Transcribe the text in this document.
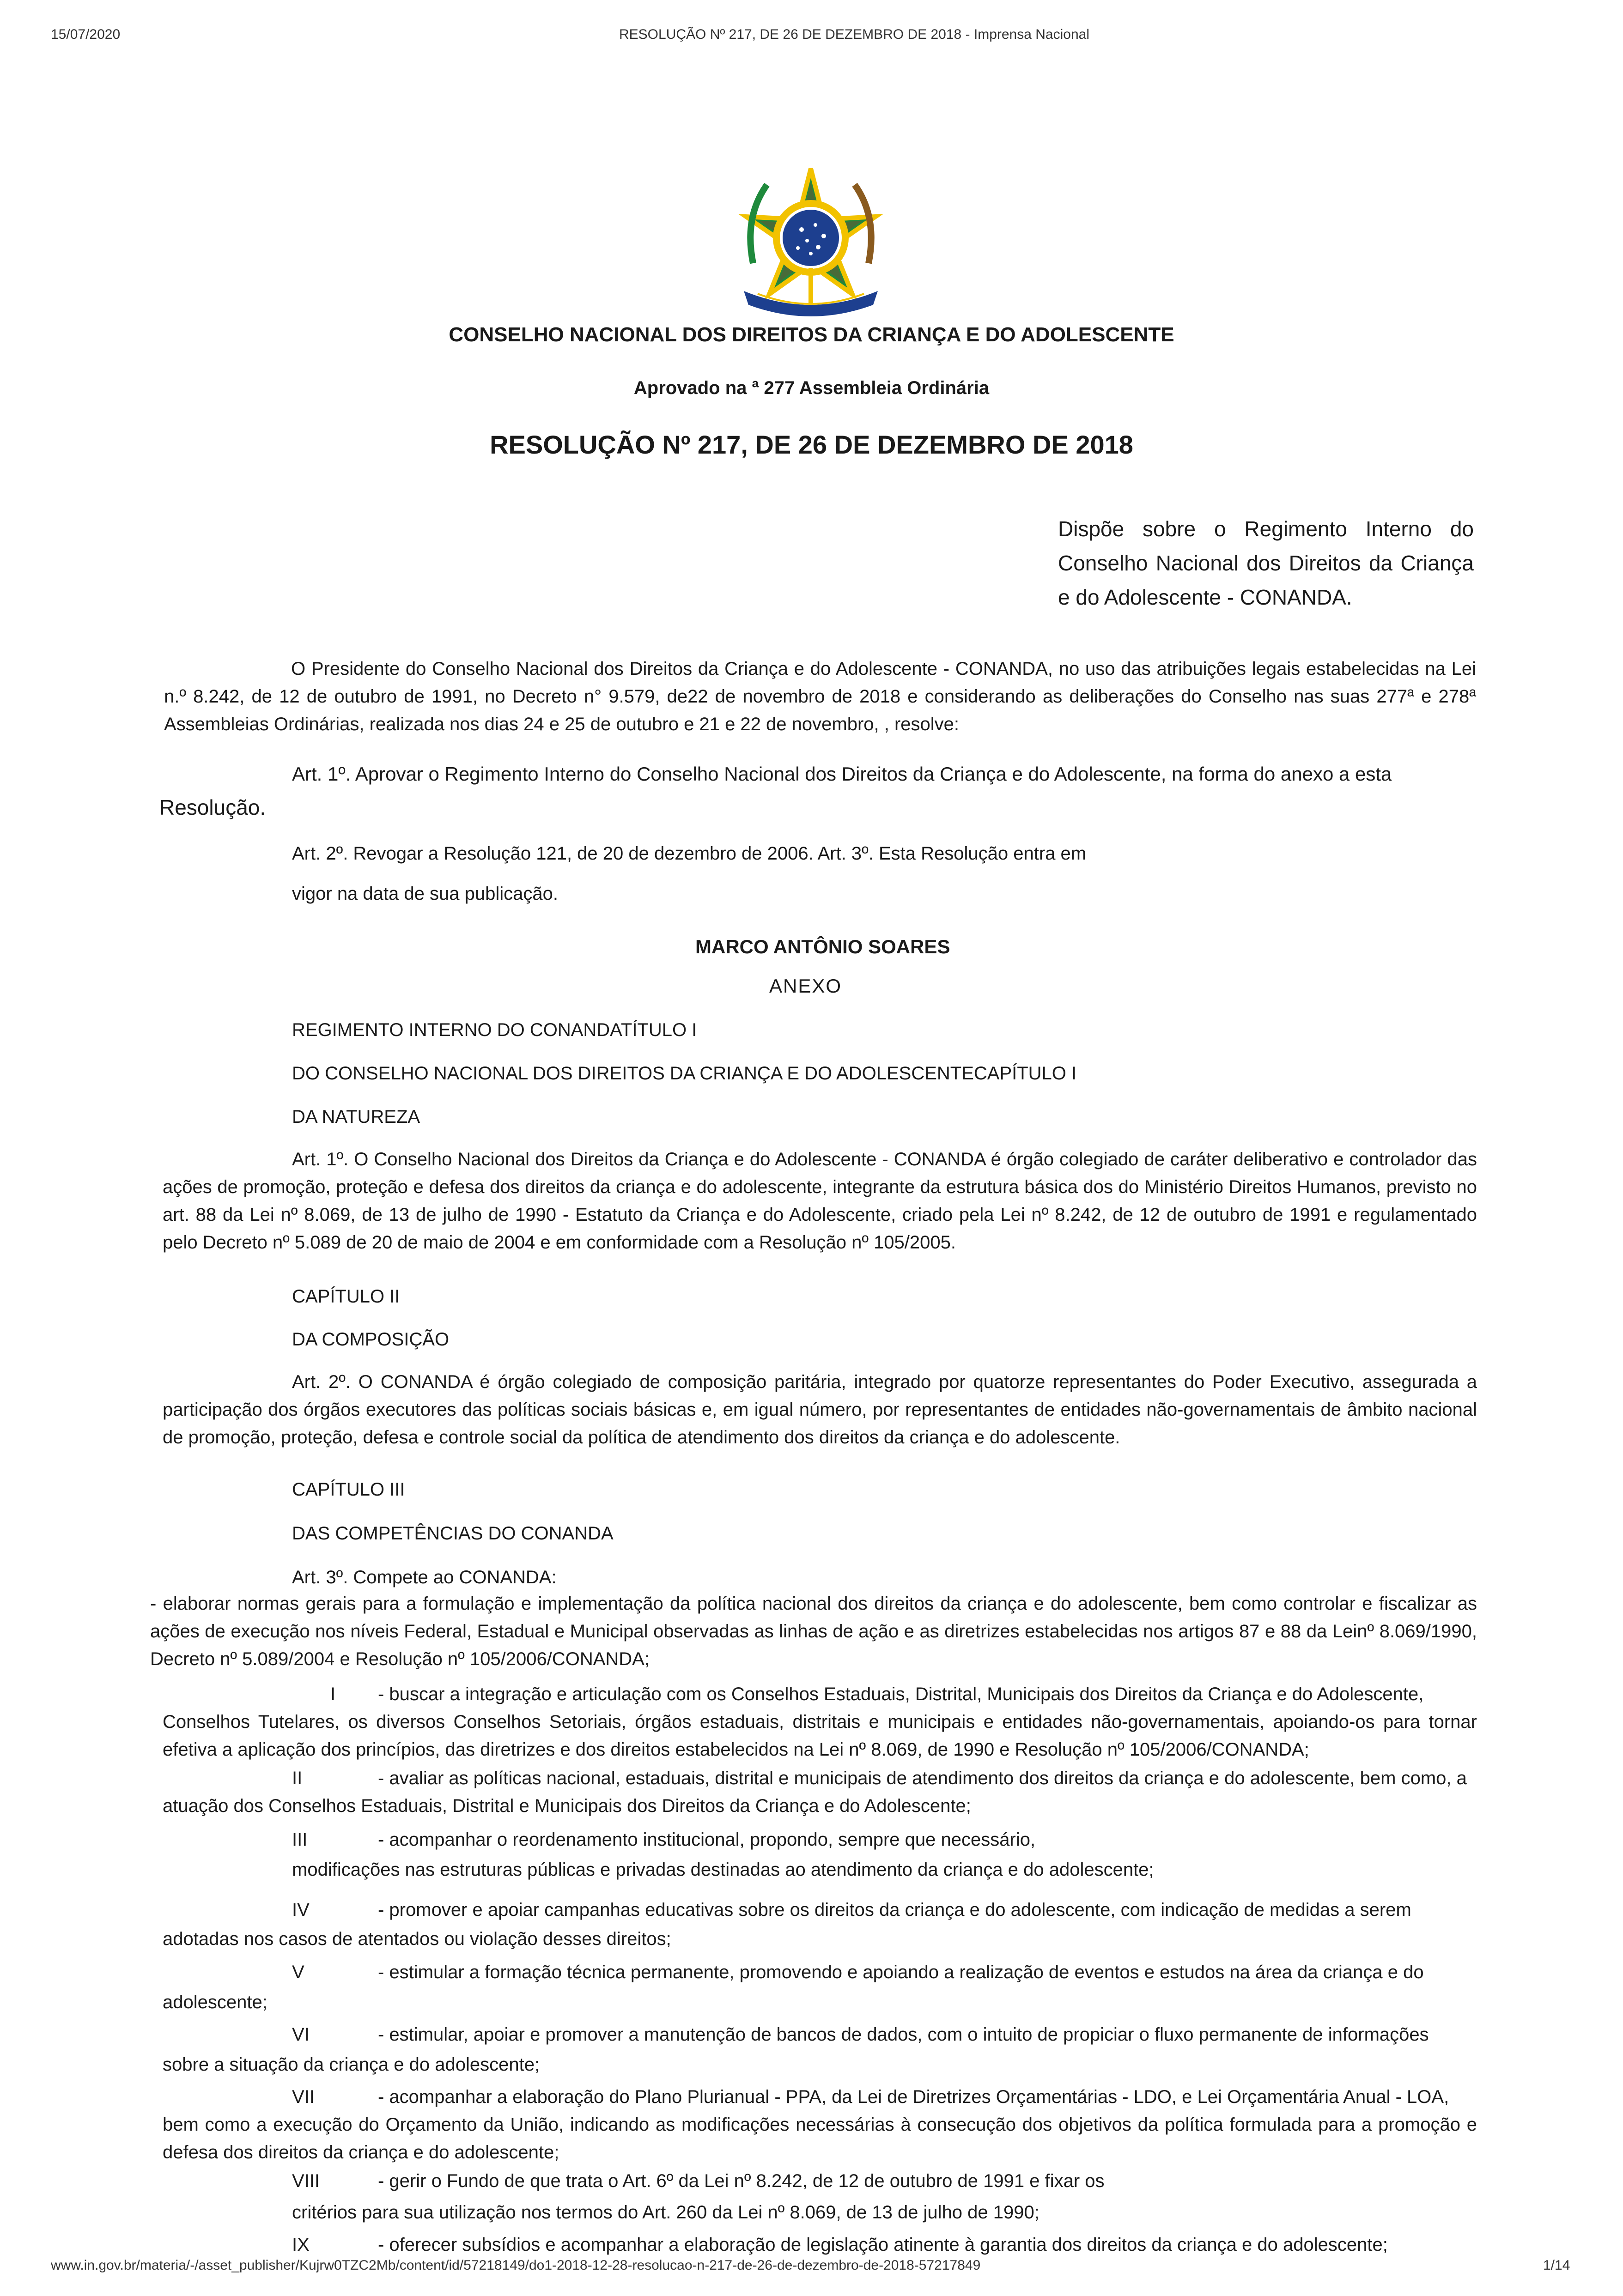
15/07/2020	RESOLUÇÃO Nº 217, DE 26 DE DEZEMBRO DE 2018 - Imprensa Nacional
CONSELHO NACIONAL DOS DIREITOS DA CRIANÇA E DO ADOLESCENTE
Aprovado na ª 277 Assembleia Ordinária
RESOLUÇÃO Nº 217, DE 26 DE DEZEMBRO DE 2018
Dispõe sobre o Regimento Interno do Conselho Nacional dos Direitos da Criança e do Adolescente - CONANDA.
O Presidente do Conselho Nacional dos Direitos da Criança e do Adolescente - CONANDA, no uso das atribuições legais estabelecidas na Lei n.º 8.242, de 12 de outubro de 1991, no Decreto n° 9.579, de22 de novembro de 2018 e considerando as deliberações do Conselho nas suas 277ª e 278ª Assembleias Ordinárias, realizada nos dias 24 e 25 de outubro e 21 e 22 de novembro, , resolve:
Art. 1º. Aprovar o Regimento Interno do Conselho Nacional dos Direitos da Criança e do Adolescente, na forma do anexo a esta
Resolução.
Art. 2º. Revogar a Resolução 121, de 20 de dezembro de 2006. Art. 3º. Esta Resolução entra em
vigor na data de sua publicação.
MARCO ANTÔNIO SOARES
ANEXO
REGIMENTO INTERNO DO CONANDATÍTULO I
DO CONSELHO NACIONAL DOS DIREITOS DA CRIANÇA E DO ADOLESCENTECAPÍTULO I
DA NATUREZA
Art. 1º. O Conselho Nacional dos Direitos da Criança e do Adolescente - CONANDA é órgão colegiado de caráter deliberativo e controlador das ações de promoção, proteção e defesa dos direitos da criança e do adolescente, integrante da estrutura básica dos do Ministério Direitos Humanos, previsto no art. 88 da Lei nº 8.069, de 13 de julho de 1990 - Estatuto da Criança e do Adolescente, criado pela Lei nº 8.242, de 12 de outubro de 1991 e regulamentado pelo Decreto nº 5.089 de 20 de maio de 2004 e em conformidade com a Resolução nº 105/2005.
CAPÍTULO II
DA COMPOSIÇÃO
Art. 2º. O CONANDA é órgão colegiado de composição paritária, integrado por quatorze representantes do Poder Executivo, assegurada a participação dos órgãos executores das políticas sociais básicas e, em igual número, por representantes de entidades não-governamentais de âmbito nacional de promoção, proteção, defesa e controle social da política de atendimento dos direitos da criança e do adolescente.
CAPÍTULO III
DAS COMPETÊNCIAS DO CONANDA
Art. 3º. Compete ao CONANDA:
- elaborar normas gerais para a formulação e implementação da política nacional dos direitos da criança e do adolescente, bem como controlar e fiscalizar as ações de execução nos níveis Federal, Estadual e Municipal observadas as linhas de ação e as diretrizes estabelecidas nos artigos 87 e 88 da Leinº 8.069/1990, Decreto nº 5.089/2004 e Resolução nº 105/2006/CONANDA;
I - buscar a integração e articulação com os Conselhos Estaduais, Distrital, Municipais dos Direitos da Criança e do Adolescente,
Conselhos Tutelares, os diversos Conselhos Setoriais, órgãos estaduais, distritais e municipais e entidades não-governamentais, apoiando-os para tornar efetiva a aplicação dos princípios, das diretrizes e dos direitos estabelecidos na Lei nº 8.069, de 1990 e Resolução nº 105/2006/CONANDA;
II	- avaliar as políticas nacional, estaduais, distrital e municipais de atendimento dos direitos da criança e do adolescente, bem como, a
atuação dos Conselhos Estaduais, Distrital e Municipais dos Direitos da Criança e do Adolescente;
III	- acompanhar o reordenamento institucional, propondo, sempre que necessário,
modificações nas estruturas públicas e privadas destinadas ao atendimento da criança e do adolescente;
IV	- promover e apoiar campanhas educativas sobre os direitos da criança e do adolescente, com indicação de medidas a serem
adotadas nos casos de atentados ou violação desses direitos;
V	- estimular a formação técnica permanente, promovendo e apoiando a realização de eventos e estudos na área da criança e do
adolescente;
VI	- estimular, apoiar e promover a manutenção de bancos de dados, com o intuito de propiciar o fluxo permanente de informações
sobre a situação da criança e do adolescente;
VII	- acompanhar a elaboração do Plano Plurianual - PPA, da Lei de Diretrizes Orçamentárias - LDO, e Lei Orçamentária Anual - LOA,
bem como a execução do Orçamento da União, indicando as modificações necessárias à consecução dos objetivos da política formulada para a promoção e defesa dos direitos da criança e do adolescente;
VIII	- gerir o Fundo de que trata o Art. 6º da Lei nº 8.242, de 12 de outubro de 1991 e fixar os
critérios para sua utilização nos termos do Art. 260 da Lei nº 8.069, de 13 de julho de 1990;
IX	- oferecer subsídios e acompanhar a elaboração de legislação atinente à garantia dos direitos da criança e do adolescente;
www.in.gov.br/materia/-/asset_publisher/Kujrw0TZC2Mb/content/id/57218149/do1-2018-12-28-resolucao-n-217-de-26-de-dezembro-de-2018-57217849	1/14
